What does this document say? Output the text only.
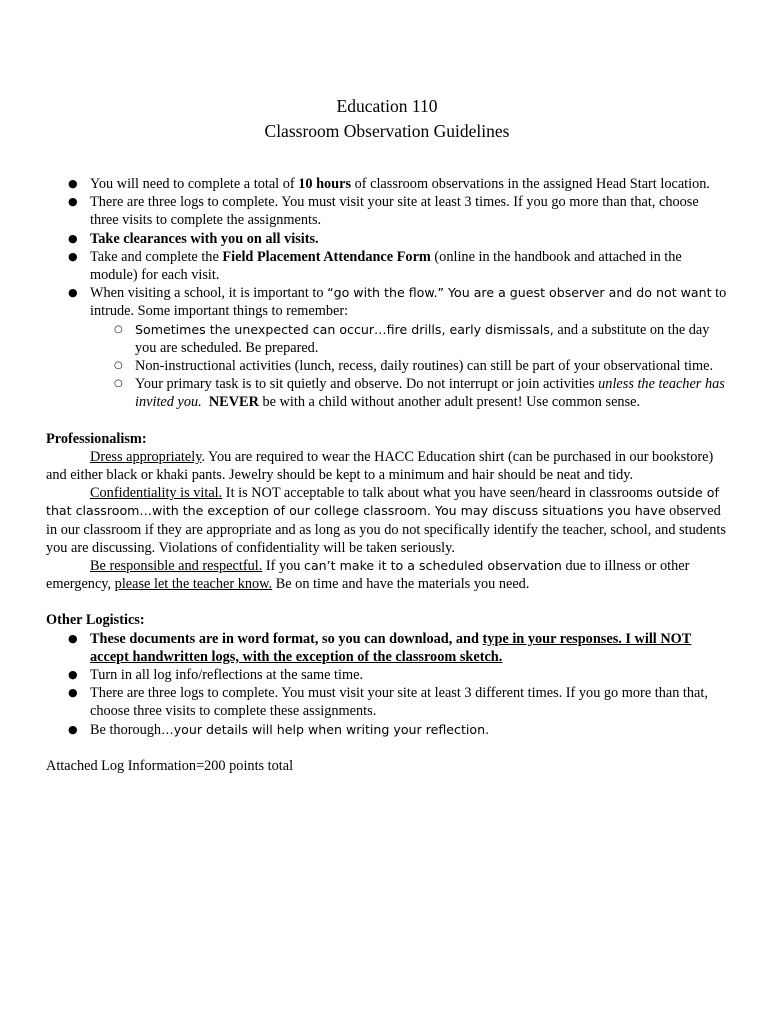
Education 110
Classroom Observation Guidelines
● You will need to complete a total of 10 hours of classroom observations in the assigned Head Start location.
● There are three logs to complete. You must visit your site at least 3 times. If you go more than that, choose three visits to complete the assignments.
● Take clearances with you on all visits.
● Take and complete the Field Placement Attendance Form (online in the handbook and attached in the module) for each visit.
● When visiting a school, it is important to “go with the flow.” You are a guest observer and do not want to intrude. Some important things to remember:
○ Sometimes the unexpected can occur…fire drills, early dismissals, and a substitute on the day you are scheduled. Be prepared.
○ Non-instructional activities (lunch, recess, daily routines) can still be part of your observational time.
○ Your primary task is to sit quietly and observe. Do not interrupt or join activities unless the teacher has invited you. NEVER be with a child without another adult present! Use common sense.
Professionalism:

Dress appropriately. You are required to wear the HACC Education shirt (can be purchased in our bookstore) and either black or khaki pants. Jewelry should be kept to a minimum and hair should be neat and tidy.

Confidentiality is vital. It is NOT acceptable to talk about what you have seen/heard in classrooms outside of that classroom…with the exception of our college classroom. You may discuss situations you have observed in our classroom if they are appropriate and as long as you do not specifically identify the teacher, school, and students you are discussing. Violations of confidentiality will be taken seriously.

Be responsible and respectful. If you can’t make it to a scheduled observation due to illness or other emergency, please let the teacher know. Be on time and have the materials you need.

Other Logistics:
● These documents are in word format, so you can download, and type in your responses. I will NOT accept handwritten logs, with the exception of the classroom sketch.
● Turn in all log info/reflections at the same time.
● There are three logs to complete. You must visit your site at least 3 different times. If you go more than that, choose three visits to complete these assignments.
● Be thorough…your details will help when writing your reflection.
Attached Log Information=200 points total
